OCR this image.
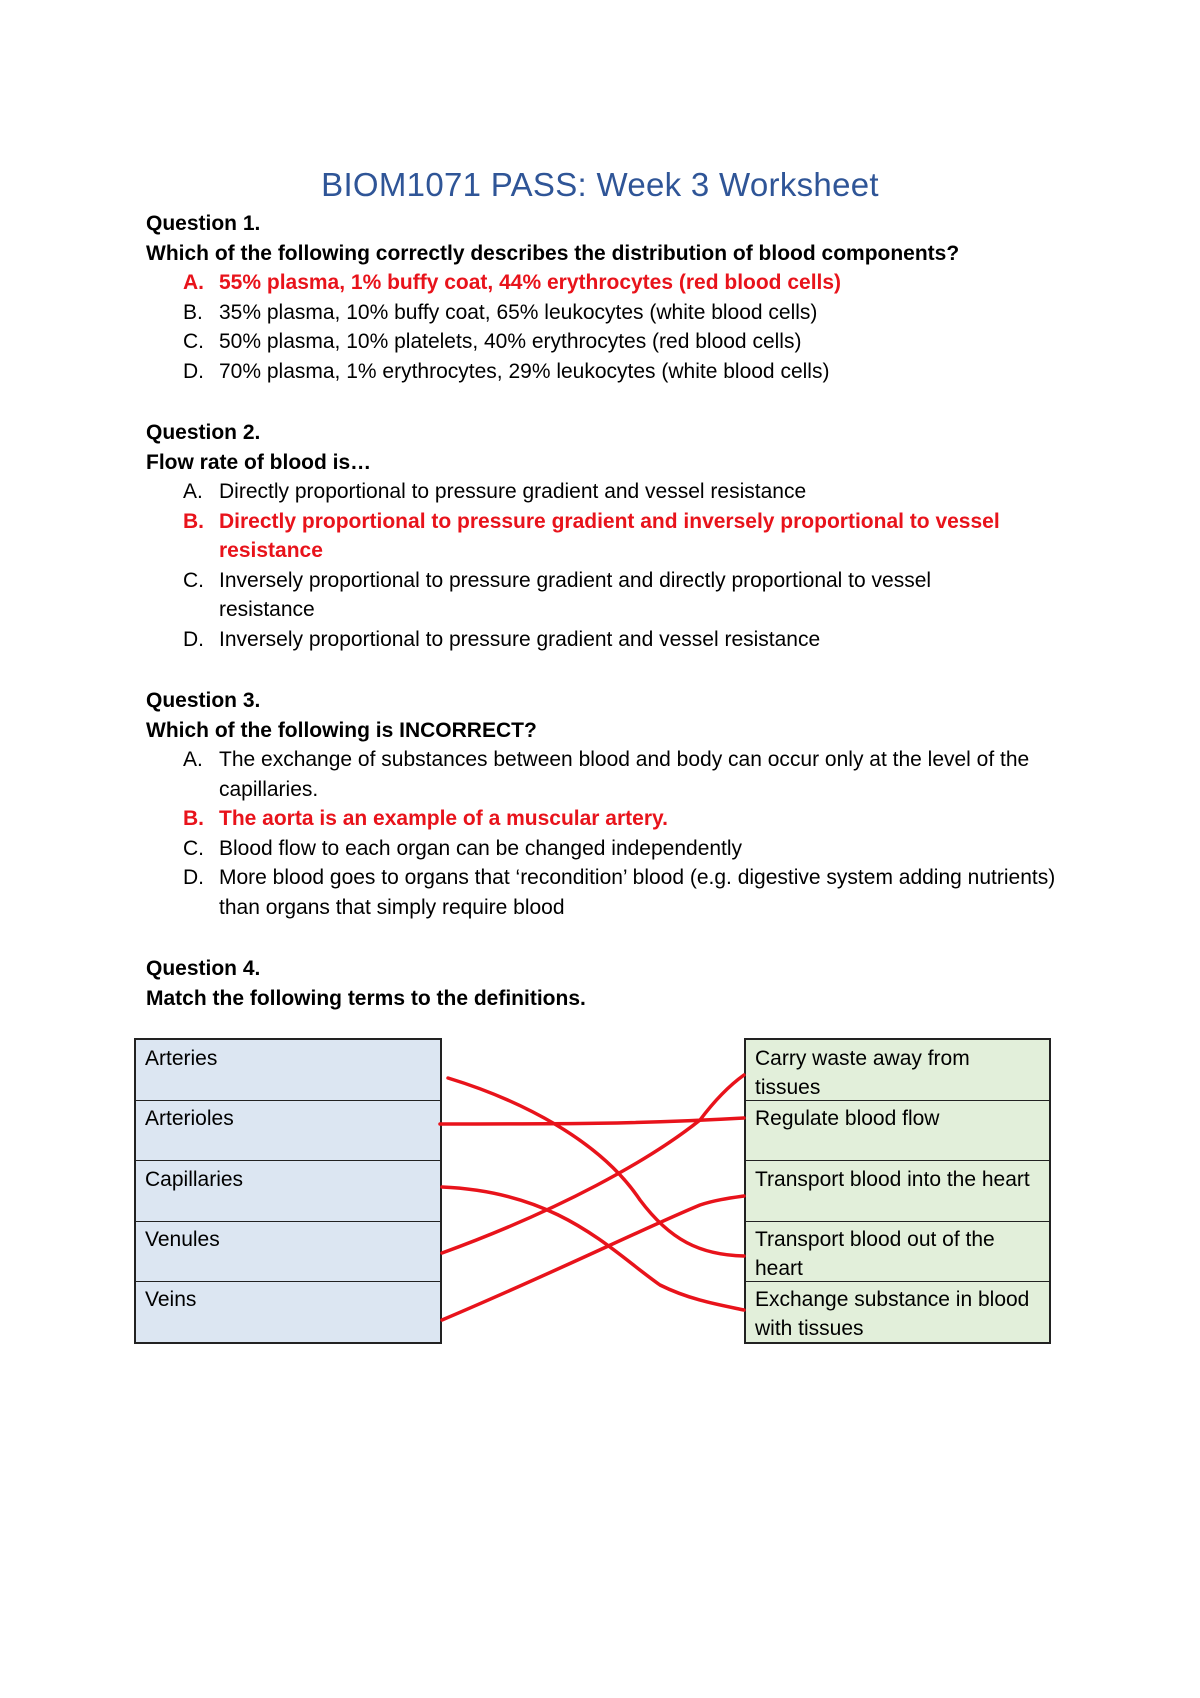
BIOM1071 PASS: Week 3 Worksheet
Question 1.
Which of the following correctly describes the distribution of blood components?
A. 55% plasma, 1% buffy coat, 44% erythrocytes (red blood cells)
B. 35% plasma, 10% buffy coat, 65% leukocytes (white blood cells)
C. 50% plasma, 10% platelets, 40% erythrocytes (red blood cells)
D. 70% plasma, 1% erythrocytes, 29% leukocytes (white blood cells)
Question 2.
Flow rate of blood is…
A. Directly proportional to pressure gradient and vessel resistance
B. Directly proportional to pressure gradient and inversely proportional to vessel resistance
C. Inversely proportional to pressure gradient and directly proportional to vessel resistance
D. Inversely proportional to pressure gradient and vessel resistance
Question 3.
Which of the following is INCORRECT?
A. The exchange of substances between blood and body can occur only at the level of the capillaries.
B. The aorta is an example of a muscular artery.
C. Blood flow to each organ can be changed independently
D. More blood goes to organs that ‘recondition’ blood (e.g. digestive system adding nutrients) than organs that simply require blood
Question 4.
Match the following terms to the definitions.
Arteries
Arterioles
Capillaries
Venules
Veins
Carry waste away from tissues
Regulate blood flow
Transport blood into the heart
Transport blood out of the heart
Exchange substance in blood with tissues
